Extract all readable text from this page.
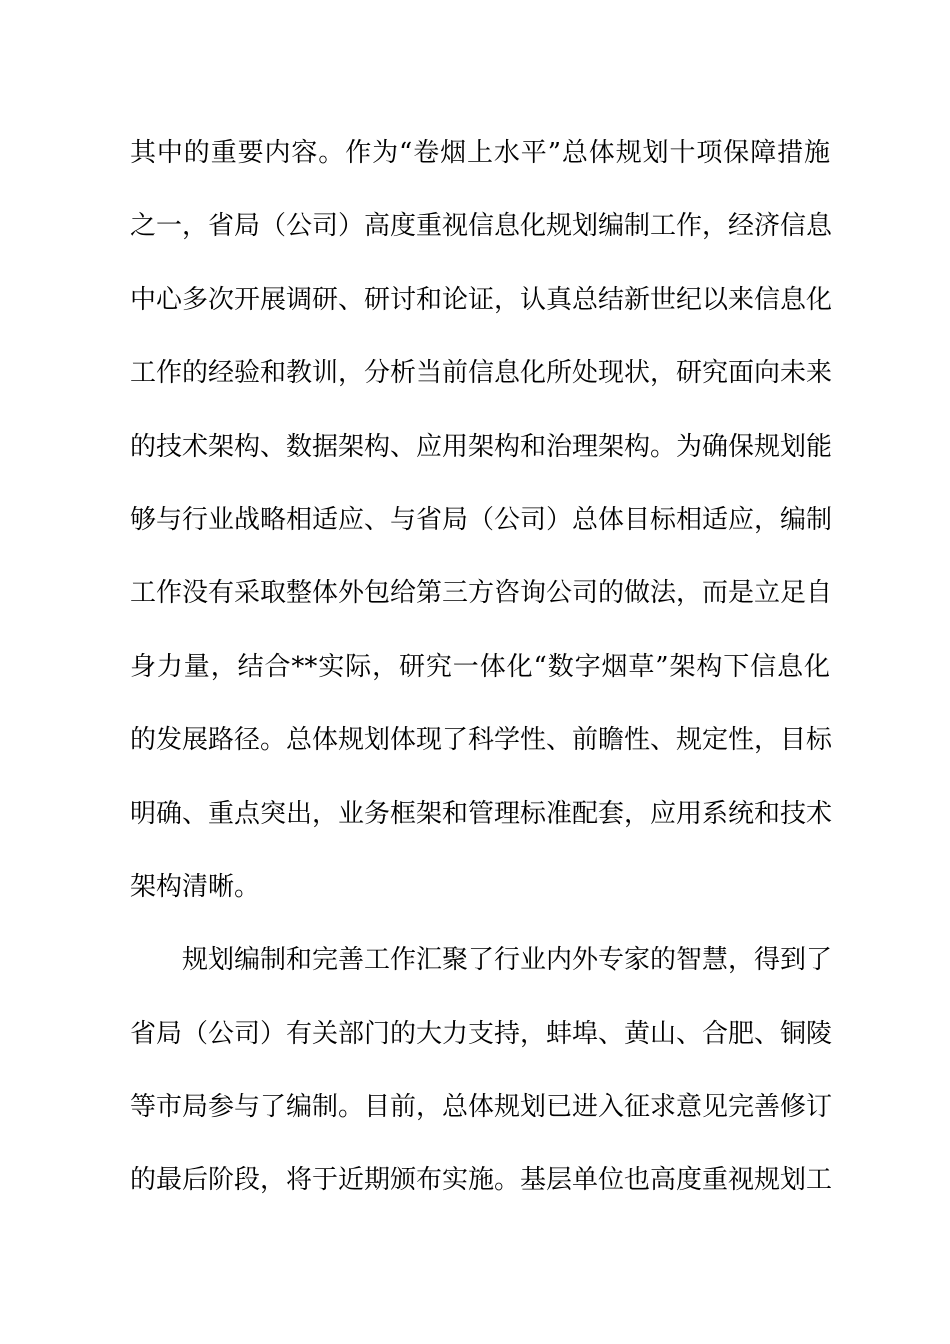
其中的重要内容。作为“卷烟上水平”总体规划十项保障措施
之一，省局（公司）高度重视信息化规划编制工作，经济信息
中心多次开展调研、研讨和论证，认真总结新世纪以来信息化
工作的经验和教训，分析当前信息化所处现状，研究面向未来
的技术架构、数据架构、应用架构和治理架构。为确保规划能
够与行业战略相适应、与省局（公司）总体目标相适应，编制
工作没有采取整体外包给第三方咨询公司的做法，而是立足自
身力量，结合**实际，研究一体化“数字烟草”架构下信息化
的发展路径。总体规划体现了科学性、前瞻性、规定性，目标
明确、重点突出，业务框架和管理标准配套，应用系统和技术
架构清晰。
规划编制和完善工作汇聚了行业内外专家的智慧，得到了
省局（公司）有关部门的大力支持，蚌埠、黄山、合肥、铜陵
等市局参与了编制。目前，总体规划已进入征求意见完善修订
的最后阶段，将于近期颁布实施。基层单位也高度重视规划工
